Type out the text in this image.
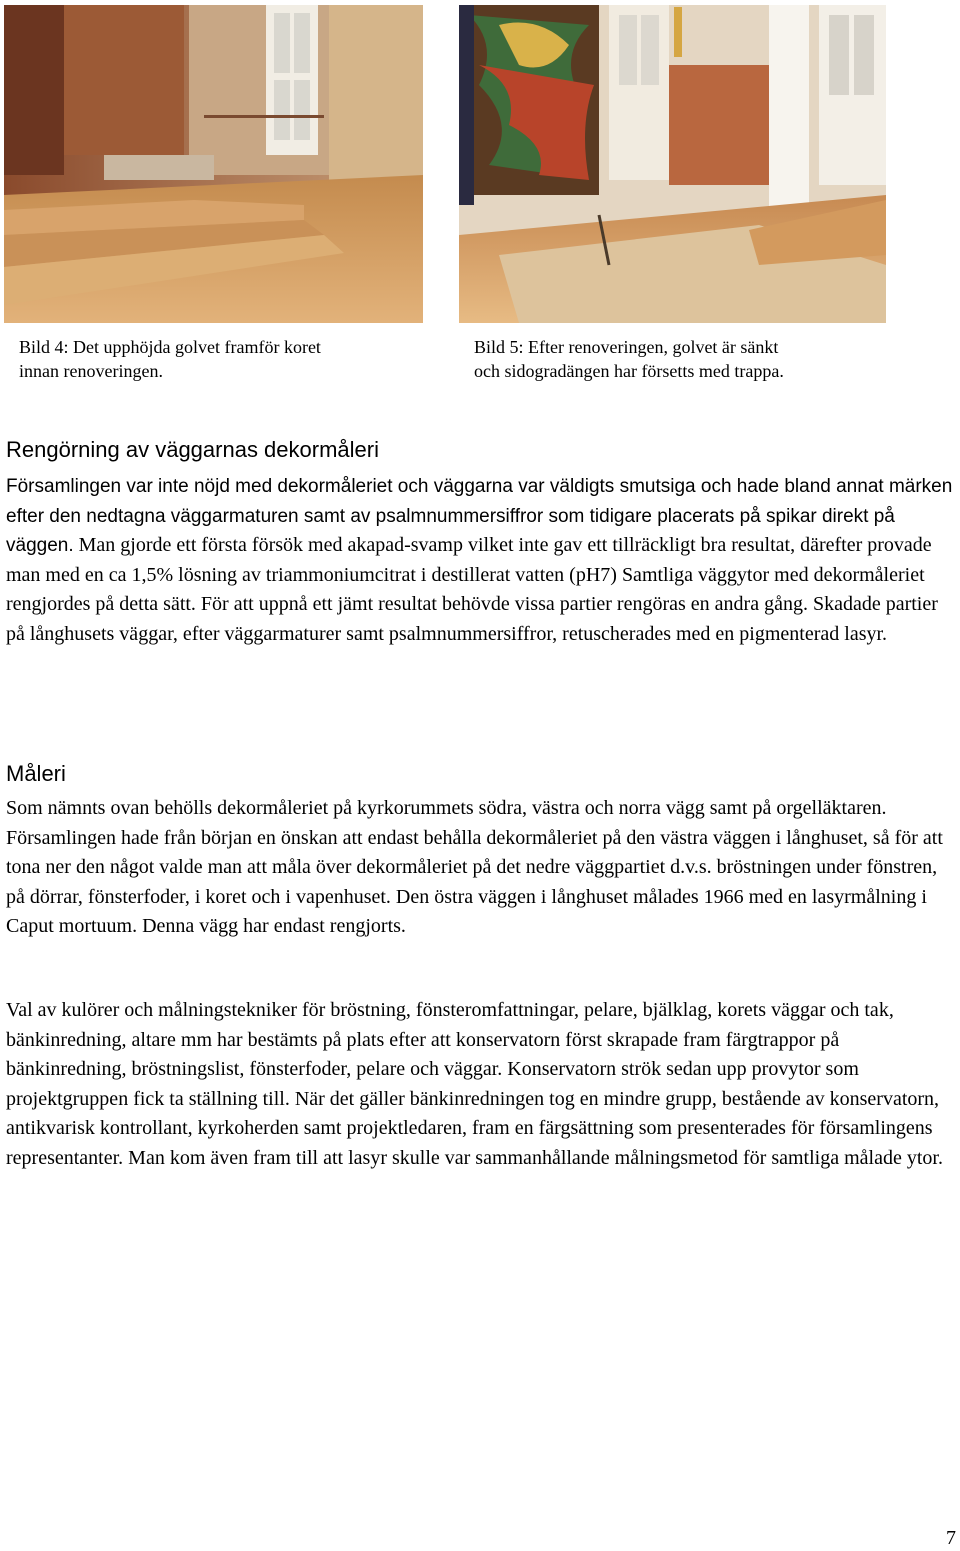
Bild 4: Det upphöjda golvet framför koret
innan renoveringen.
Bild 5: Efter renoveringen, golvet är sänkt
och sidogradängen har försetts med trappa.
Rengörning av väggarnas dekormåleri

Församlingen var inte nöjd med dekormåleriet och väggarna var väldigts smutsiga och hade bland annat märken efter den nedtagna väggarmaturen samt av psalmnummersiffror som tidigare placerats på spikar direkt på väggen. Man gjorde ett första försök med akapad-svamp vilket inte gav ett tillräckligt bra resultat, därefter provade man med en ca 1,5% lösning av triammoniumcitrat i destillerat vatten (pH7) Samtliga väggytor med dekormåleriet rengjordes på detta sätt. För att uppnå ett jämt resultat behövde vissa partier rengöras en andra gång. Skadade partier på långhusets väggar, efter väggarmaturer samt psalmnummersiffror, retuscherades med en pigmenterad lasyr.

Måleri

Som nämnts ovan behölls dekormåleriet på kyrkorummets södra, västra och norra vägg samt på orgelläktaren. Församlingen hade från början en önskan att endast behålla dekormåleriet på den västra väggen i långhuset, så för att tona ner den något valde man att måla över dekormåleriet på det nedre väggpartiet d.v.s. bröstningen under fönstren, på dörrar, fönsterfoder, i koret och i vapenhuset. Den östra väggen i långhuset målades 1966 med en lasyrmålning i Caput mortuum. Denna vägg har endast rengjorts.

Val av kulörer och målningstekniker för bröstning, fönsteromfattningar, pelare, bjälklag, korets väggar och tak, bänkinredning, altare mm har bestämts på plats efter att konservatorn först skrapade fram färgtrappor på bänkinredning, bröstningslist, fönsterfoder, pelare och väggar. Konservatorn strök sedan upp provytor som projektgruppen fick ta ställning till. När det gäller bänkinredningen tog en mindre grupp, bestående av konservatorn, antikvarisk kontrollant, kyrkoherden samt projektledaren, fram en färgsättning som presenterades för församlingens representanter. Man kom även fram till att lasyr skulle var sammanhållande målningsmetod för samtliga målade ytor.

7
